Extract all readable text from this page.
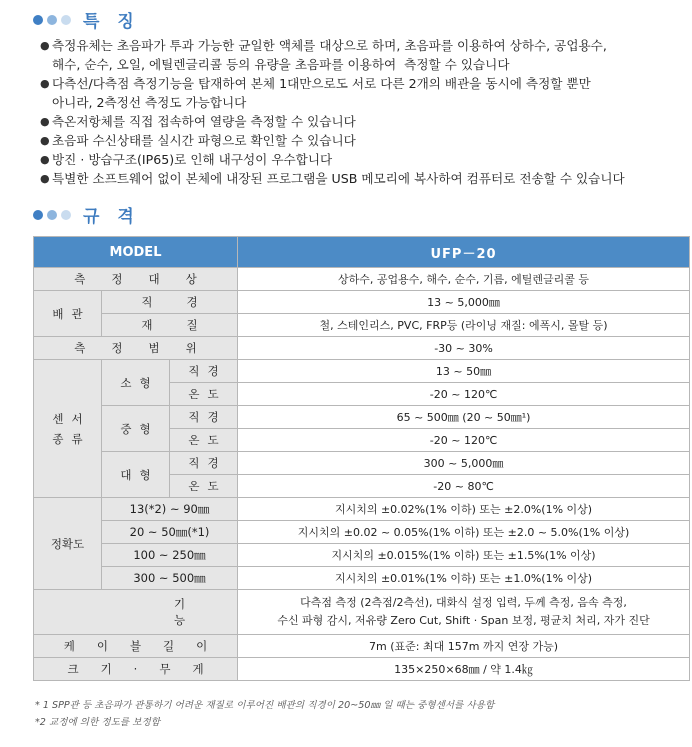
특 징
● 측정유체는 초음파가 투과 가능한 균일한 액체를 대상으로 하며, 초음파를 이용하여 상하수, 공업용수,
해수, 순수, 오일, 에틸렌글리콜 등의 유량을 초음파를 이용하여  측정할 수 있습니다
● 다측선/다측점 측정기능을 탑재하여 본체 1대만으로도 서로 다른 2개의 배관을 동시에 측정할 뿐만
아니라, 2측정선 측정도 가능합니다
● 측온저항체를 직접 접속하여 열량을 측정할 수 있습니다
● 초음파 수신상태를 실시간 파형으로 확인할 수 있습니다
● 방진 · 방습구조(IP65)로 인해 내구성이 우수합니다
● 특별한 소프트웨어 없이 본체에 내장된 프로그램을 USB 메모리에 복사하여 컴퓨터로 전송할 수 있습니다
규 격
MODEL			UFP－20
측정대상			상하수, 공업용수, 해수, 순수, 기름, 에틸렌글리콜 등
배관	직경		13 ~ 5,000㎜
	재질		철, 스테인리스, PVC, FRP등 (라이닝 재질: 에폭시, 몰탈 등)
측정범위			-30 ~ 30%

센서
종류	소형	직경	13 ~ 50㎜
		온도	-20 ~ 120℃
	중형	직경	65 ~ 500㎜ (20 ~ 50㎜¹)
		온도	-20 ~ 120℃
	대형	직경	300 ~ 5,000㎜
		온도	-20 ~ 80℃
정확도	13(*2) ~ 90㎜		지시치의 ±0.02%(1% 이하) 또는 ±2.0%(1% 이상)
	20 ~ 50㎜(*1)		지시치의 ±0.02 ~ 0.05%(1% 이하) 또는 ±2.0 ~ 5.0%(1% 이상)
	100 ~ 250㎜		지시치의 ±0.015%(1% 이하) 또는 ±1.5%(1% 이상)
	300 ~ 500㎜		지시치의 ±0.01%(1% 이하) 또는 ±1.0%(1% 이상)
기능			다측점 측정 (2측점/2측선), 대화식 설정 입력, 두께 측정, 음속 측정,
수신 파형 감시, 저유량 Zero Cut, Shift · Span 보정, 평균치 처리, 자가 진단

케이블길이			7m (표준: 최대 157m 까지 연장 가능)
크기·무게			135×250×68㎜ / 약 1.4㎏
* 1 SPP관 등 초음파가 관통하기 어려운 재질로 이루어진 배관의 직경이 20~50㎜ 일 때는 중형센서를 사용함
*2 교정에 의한 정도를 보정함
